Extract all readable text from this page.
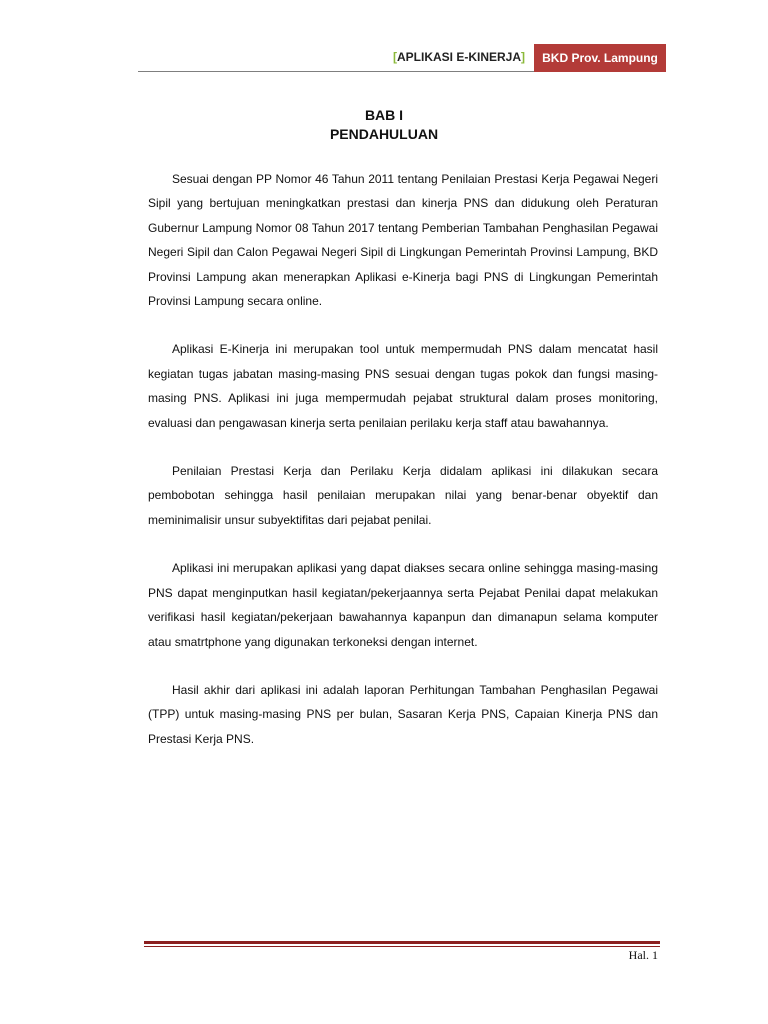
[APLIKASI E-KINERJA]	BKD Prov. Lampung
BAB I
PENDAHULUAN

Sesuai dengan PP Nomor 46 Tahun 2011 tentang Penilaian Prestasi Kerja Pegawai Negeri Sipil yang bertujuan meningkatkan prestasi dan kinerja PNS dan didukung oleh Peraturan Gubernur Lampung Nomor 08 Tahun 2017 tentang Pemberian Tambahan Penghasilan Pegawai Negeri Sipil dan Calon Pegawai Negeri Sipil di Lingkungan Pemerintah Provinsi Lampung, BKD Provinsi Lampung akan menerapkan Aplikasi e-Kinerja bagi PNS di Lingkungan Pemerintah Provinsi Lampung secara online.

Aplikasi E-Kinerja ini merupakan tool untuk mempermudah PNS dalam mencatat hasil kegiatan tugas jabatan masing-masing PNS sesuai dengan tugas pokok dan fungsi masing-masing PNS. Aplikasi ini juga mempermudah pejabat struktural dalam proses monitoring, evaluasi dan pengawasan kinerja serta penilaian perilaku kerja staff atau bawahannya.

Penilaian Prestasi Kerja dan Perilaku Kerja didalam aplikasi ini dilakukan secara pembobotan sehingga hasil penilaian merupakan nilai yang benar-benar obyektif dan meminimalisir unsur subyektifitas dari pejabat penilai.

Aplikasi ini merupakan aplikasi yang dapat diakses secara online sehingga masing-masing PNS dapat menginputkan hasil kegiatan/pekerjaannya serta Pejabat Penilai dapat melakukan verifikasi hasil kegiatan/pekerjaan bawahannya kapanpun dan dimanapun selama komputer atau smatrtphone yang digunakan terkoneksi dengan internet.

Hasil akhir dari aplikasi ini adalah laporan Perhitungan Tambahan Penghasilan Pegawai (TPP) untuk masing-masing PNS per bulan, Sasaran Kerja PNS, Capaian Kinerja PNS dan Prestasi Kerja PNS.

Hal. 1
